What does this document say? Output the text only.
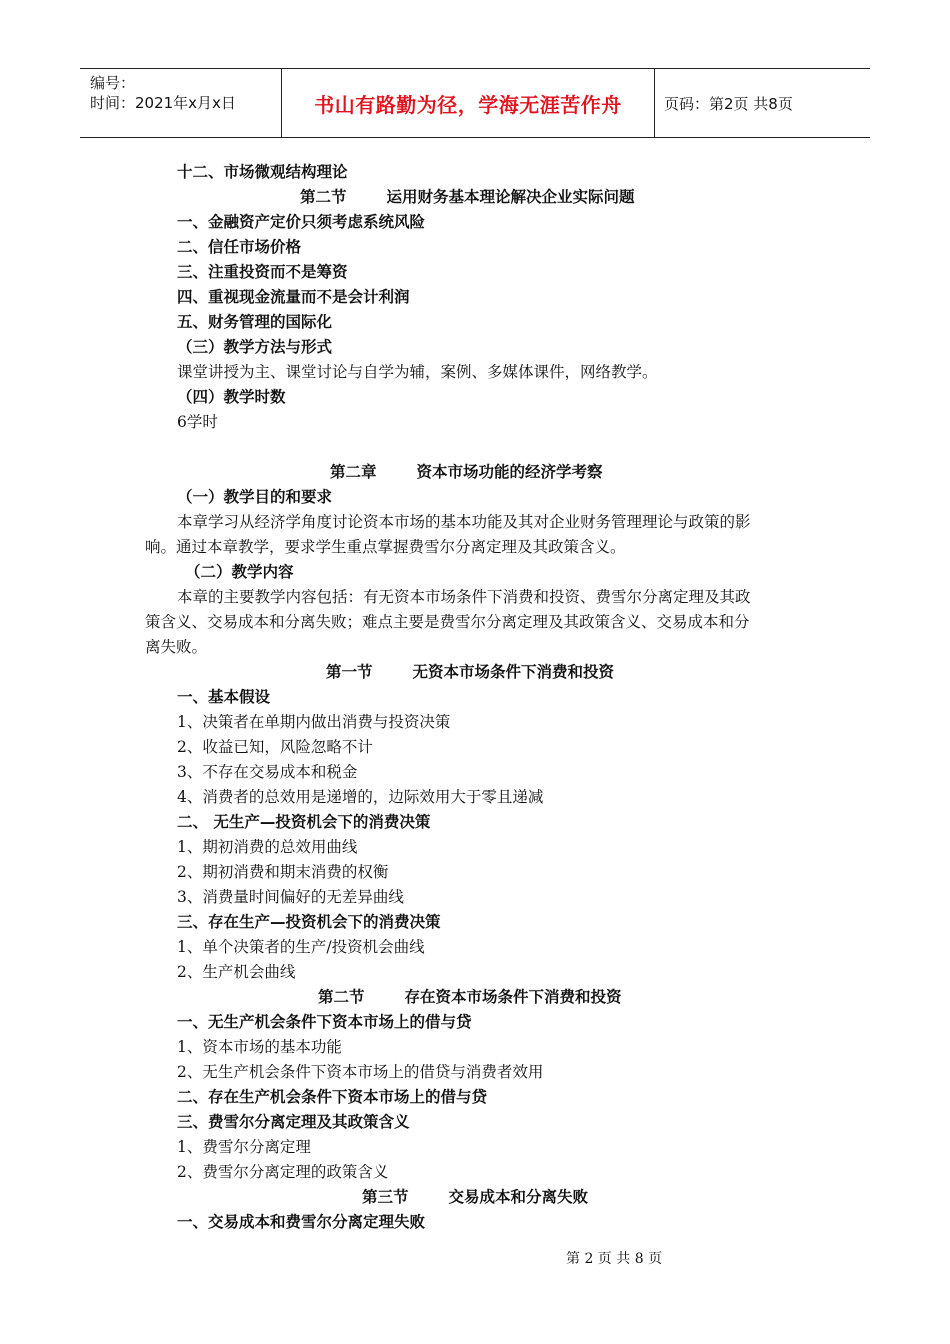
编号：
时间：2021年x月x日	书山有路勤为径，学海无涯苦作舟	页码：第2页 共8页
十二、市场微观结构理论
第二节	运用财务基本理论解决企业实际问题
一、金融资产定价只须考虑系统风险
二、信任市场价格
三、注重投资而不是筹资
四、重视现金流量而不是会计利润
五、财务管理的国际化
（三）教学方法与形式
课堂讲授为主、课堂讨论与自学为辅，案例、多媒体课件，网络教学。
（四）教学时数
6学时
第二章	资本市场功能的经济学考察
（一）教学目的和要求
本章学习从经济学角度讨论资本市场的基本功能及其对企业财务管理理论与政策的影
响。通过本章教学，要求学生重点掌握费雪尔分离定理及其政策含义。
（二）教学内容
本章的主要教学内容包括：有无资本市场条件下消费和投资、费雪尔分离定理及其政
策含义、交易成本和分离失败；难点主要是费雪尔分离定理及其政策含义、交易成本和分
离失败。
第一节	无资本市场条件下消费和投资
一、基本假设
1、决策者在单期内做出消费与投资决策
2、收益已知，风险忽略不计
3、不存在交易成本和税金
4、消费者的总效用是递增的，边际效用大于零且递减
二、 无生产—投资机会下的消费决策
1、期初消费的总效用曲线
2、期初消费和期末消费的权衡
3、消费量时间偏好的无差异曲线
三、存在生产—投资机会下的消费决策
1、单个决策者的生产/投资机会曲线
2、生产机会曲线
第二节	存在资本市场条件下消费和投资
一、无生产机会条件下资本市场上的借与贷
1、资本市场的基本功能
2、无生产机会条件下资本市场上的借贷与消费者效用
二、存在生产机会条件下资本市场上的借与贷
三、费雪尔分离定理及其政策含义
1、费雪尔分离定理
2、费雪尔分离定理的政策含义
第三节	交易成本和分离失败
一、交易成本和费雪尔分离定理失败
第 2 页 共 8 页
